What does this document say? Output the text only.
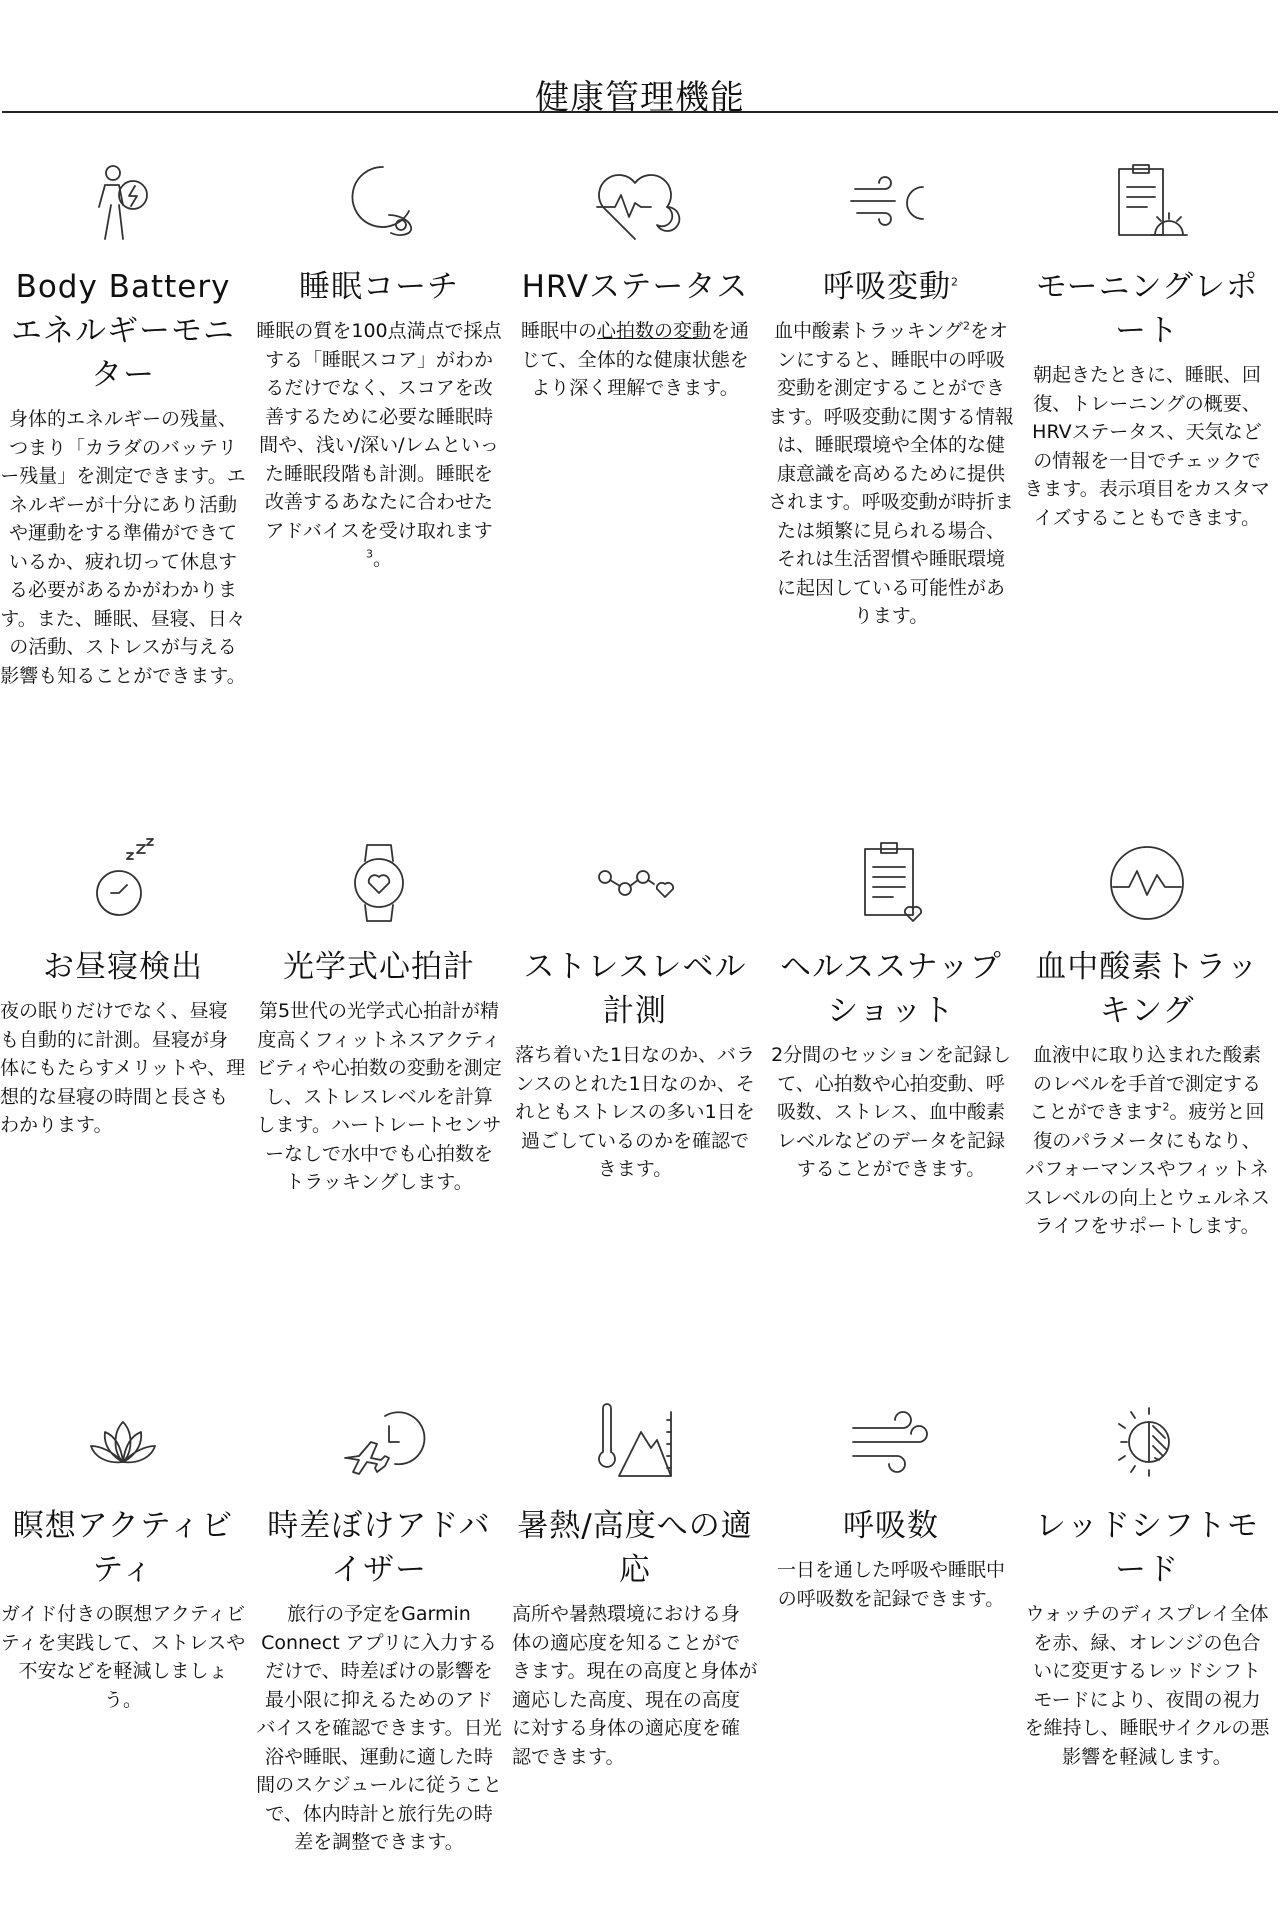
健康管理機能
Body Battery エネルギーモニター

身体的エネルギーの残量、つまり「カラダのバッテリー残量」を測定できます。エネルギーが十分にあり活動や運動をする準備ができているか、疲れ切って休息する必要があるかがわかります。また、睡眠、昼寝、日々の活動、ストレスが与える影響も知ることができます。

睡眠コーチ

睡眠の質を100点満点で採点する「睡眠スコア」がわかるだけでなく、スコアを改善するために必要な睡眠時間や、浅い/深い/レムといった睡眠段階も計測。睡眠を改善するあなたに合わせたアドバイスを受け取れます$^3$。

HRVステータス

睡眠中の心拍数の変動を通じて、全体的な健康状態をより深く理解できます。

呼吸変動$^2$

血中酸素トラッキング$^2$をオンにすると、睡眠中の呼吸変動を測定することができます。呼吸変動に関する情報は、睡眠環境や全体的な健康意識を高めるために提供されます。呼吸変動が時折または頻繁に見られる場合、それは生活習慣や睡眠環境に起因している可能性があります。

モーニングレポート

朝起きたときに、睡眠、回復、トレーニングの概要、HRVステータス、天気などの情報を一目でチェックできます。表示項目をカスタマイズすることもできます。

お昼寝検出

夜の眠りだけでなく、昼寝も自動的に計測。昼寝が身体にもたらすメリットや、理想的な昼寝の時間と長さもわかります。

光学式心拍計

第5世代の光学式心拍計が精度高くフィットネスアクティビティや心拍数の変動を測定し、ストレスレベルを計算します。ハートレートセンサーなしで水中でも心拍数をトラッキングします。

ストレスレベル計測

落ち着いた1日なのか、バランスのとれた1日なのか、それともストレスの多い1日を過ごしているのかを確認できます。

ヘルススナップショット

2分間のセッションを記録して、心拍数や心拍変動、呼吸数、ストレス、血中酸素レベルなどのデータを記録することができます。

血中酸素トラッキング

血液中に取り込まれた酸素のレベルを手首で測定することができます$^2$。疲労と回復のパラメータにもなり、パフォーマンスやフィットネスレベルの向上とウェルネスライフをサポートします。

瞑想アクティビティ

ガイド付きの瞑想アクティビティを実践して、ストレスや不安などを軽減しましょう。

時差ぼけアドバイザー

旅行の予定をGarmin Connect アプリに入力するだけで、時差ぼけの影響を最小限に抑えるためのアドバイスを確認できます。日光浴や睡眠、運動に適した時間のスケジュールに従うことで、体内時計と旅行先の時差を調整できます。

暑熱/高度への適応

高所や暑熱環境における身体の適応度を知ることができます。現在の高度と身体が適応した高度、現在の高度に対する身体の適応度を確認できます。

呼吸数

一日を通した呼吸や睡眠中の呼吸数を記録できます。

レッドシフトモード

ウォッチのディスプレイ全体を赤、緑、オレンジの色合いに変更するレッドシフトモードにより、夜間の視力を維持し、睡眠サイクルの悪影響を軽減します。
